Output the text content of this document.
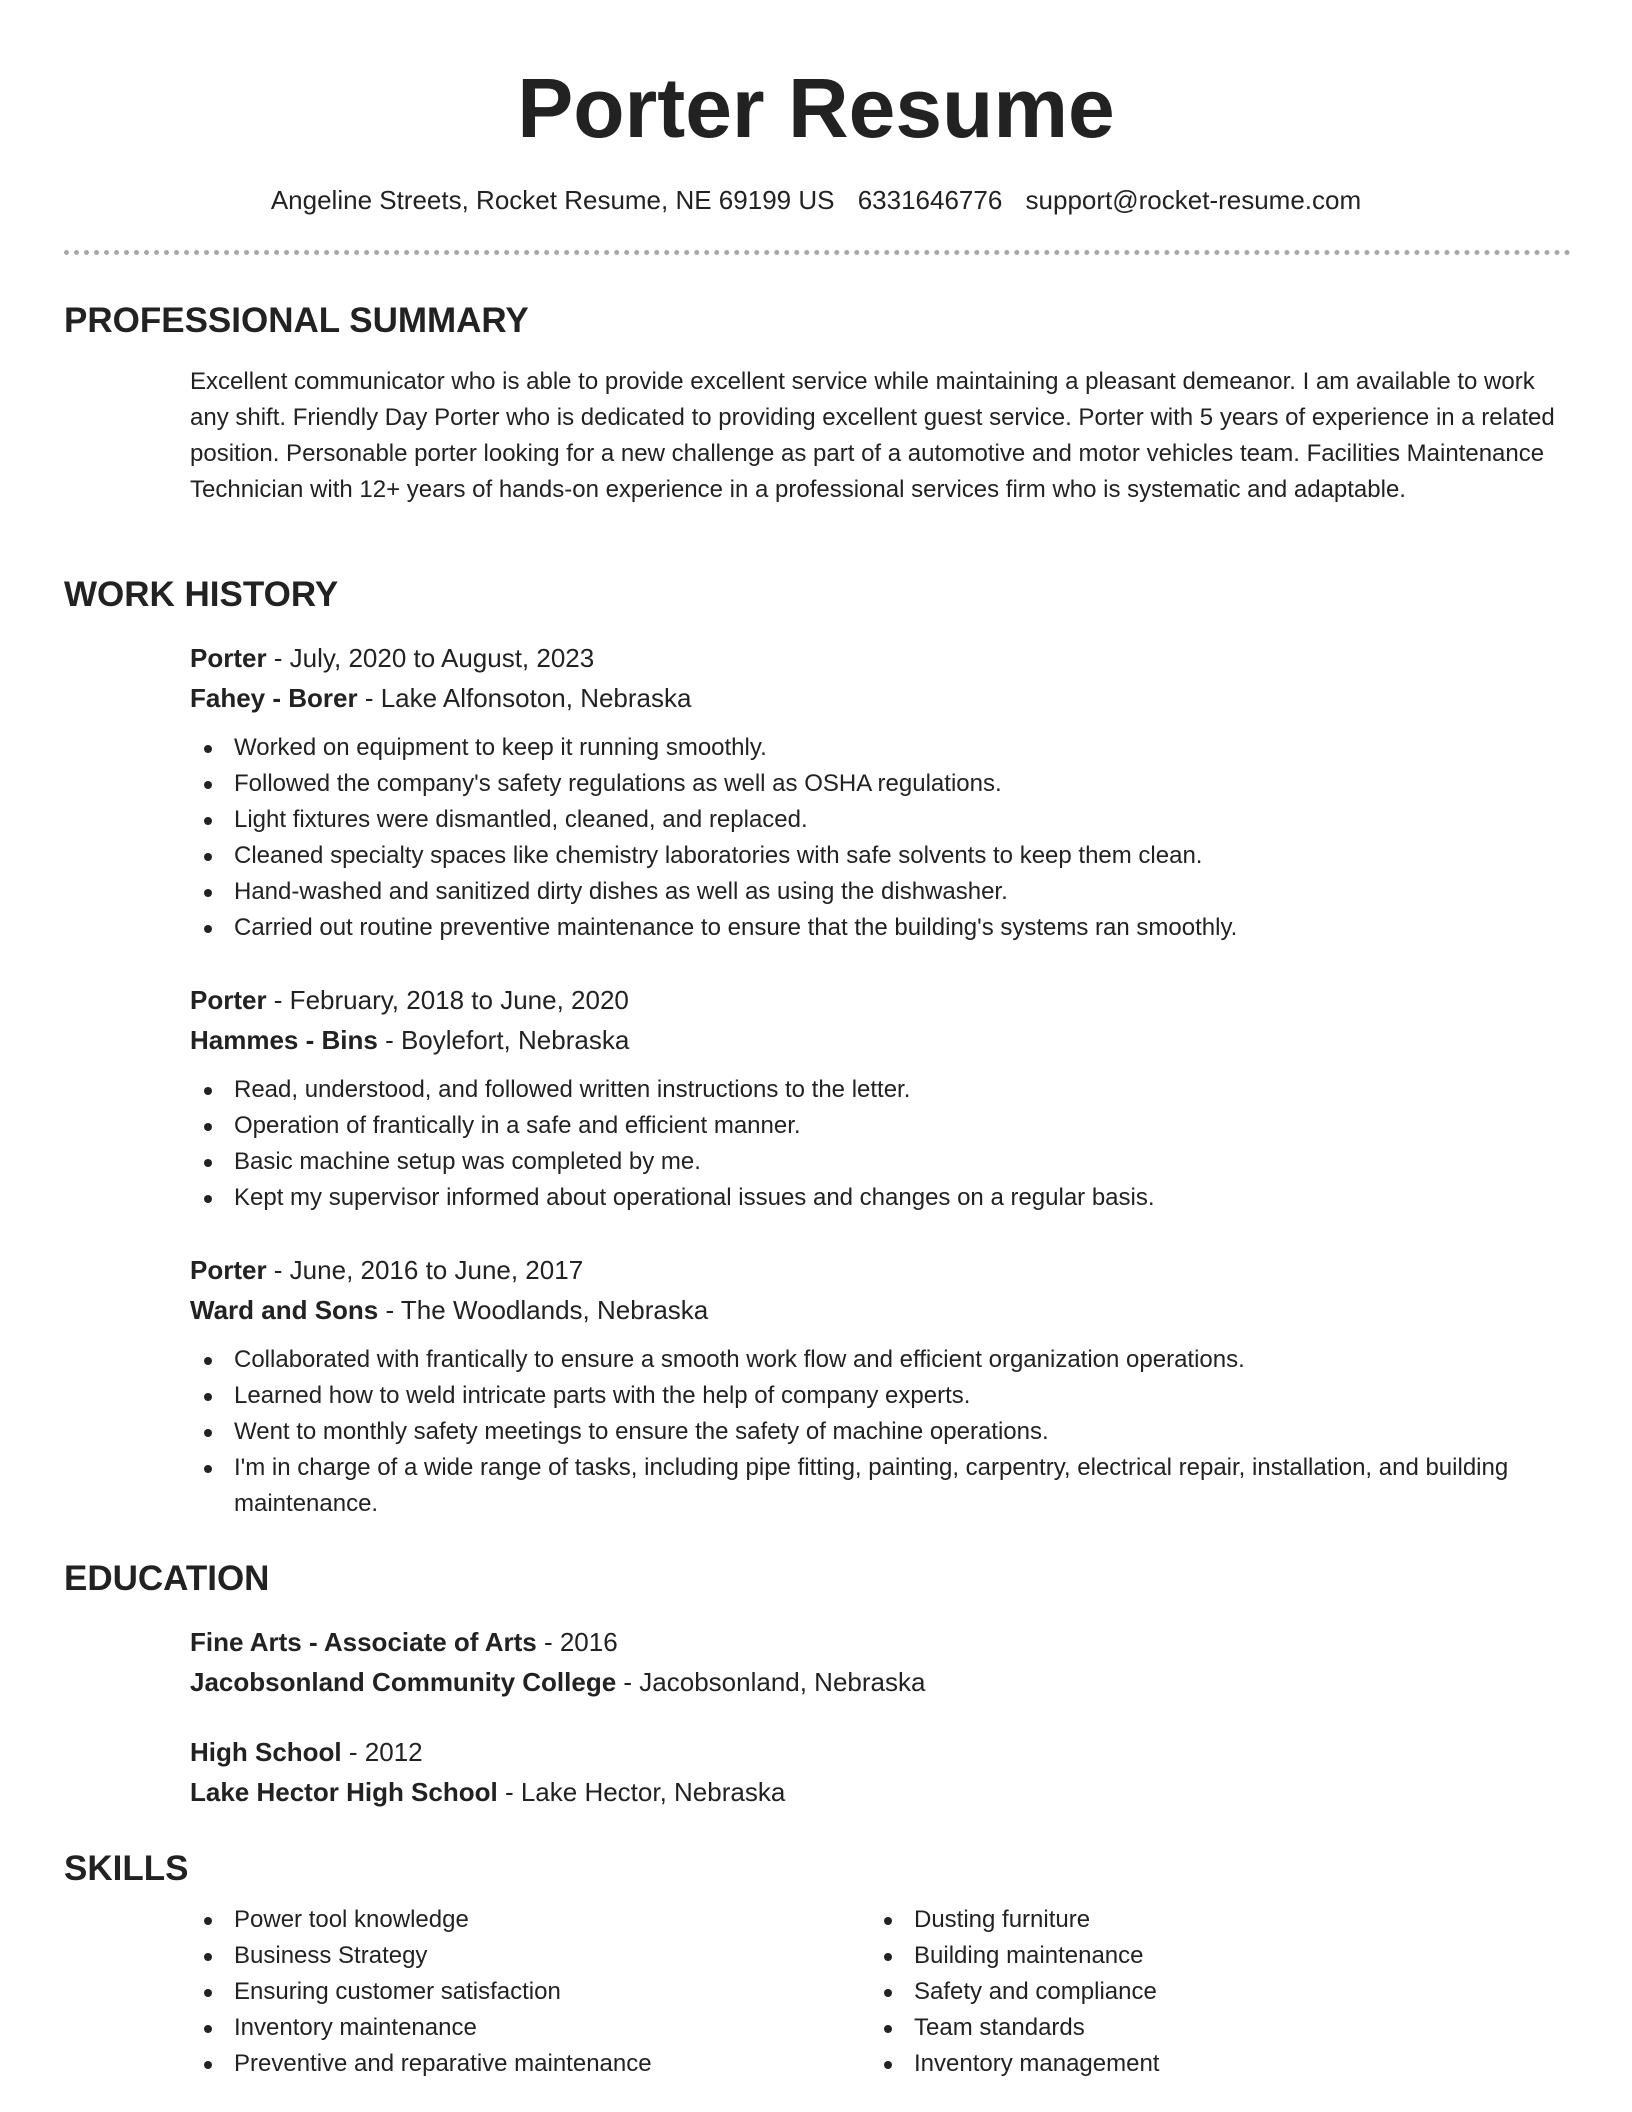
Porter Resume
Angeline Streets, Rocket Resume, NE 69199 US 6331646776 support@rocket-resume.com
PROFESSIONAL SUMMARY
Excellent communicator who is able to provide excellent service while maintaining a pleasant demeanor. I am available to work any shift. Friendly Day Porter who is dedicated to providing excellent guest service. Porter with 5 years of experience in a related position. Personable porter looking for a new challenge as part of a automotive and motor vehicles team. Facilities Maintenance Technician with 12+ years of hands-on experience in a professional services firm who is systematic and adaptable.
WORK HISTORY
Porter - July, 2020 to August, 2023
Fahey - Borer - Lake Alfonsoton, Nebraska
Worked on equipment to keep it running smoothly.
Followed the company's safety regulations as well as OSHA regulations.
Light fixtures were dismantled, cleaned, and replaced.
Cleaned specialty spaces like chemistry laboratories with safe solvents to keep them clean.
Hand-washed and sanitized dirty dishes as well as using the dishwasher.
Carried out routine preventive maintenance to ensure that the building's systems ran smoothly.
Porter - February, 2018 to June, 2020
Hammes - Bins - Boylefort, Nebraska
Read, understood, and followed written instructions to the letter.
Operation of frantically in a safe and efficient manner.
Basic machine setup was completed by me.
Kept my supervisor informed about operational issues and changes on a regular basis.
Porter - June, 2016 to June, 2017
Ward and Sons - The Woodlands, Nebraska
Collaborated with frantically to ensure a smooth work flow and efficient organization operations.
Learned how to weld intricate parts with the help of company experts.
Went to monthly safety meetings to ensure the safety of machine operations.
I'm in charge of a wide range of tasks, including pipe fitting, painting, carpentry, electrical repair, installation, and building maintenance.
EDUCATION
Fine Arts - Associate of Arts - 2016
Jacobsonland Community College - Jacobsonland, Nebraska
High School - 2012
Lake Hector High School - Lake Hector, Nebraska
SKILLS
Power tool knowledge
Business Strategy
Ensuring customer satisfaction
Inventory maintenance
Preventive and reparative maintenance
Dusting furniture
Building maintenance
Safety and compliance
Team standards
Inventory management
